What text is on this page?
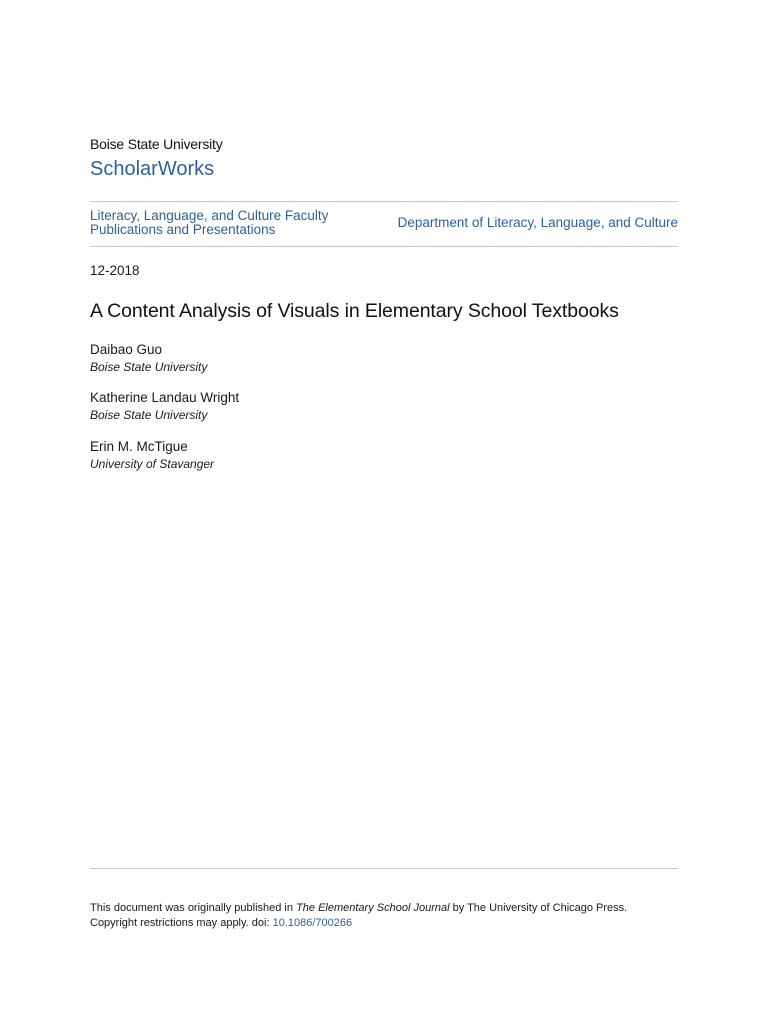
Boise State University
ScholarWorks
Literacy, Language, and Culture Faculty Publications and Presentations	Department of Literacy, Language, and Culture
12-2018
A Content Analysis of Visuals in Elementary School Textbooks
Daibao Guo
Boise State University
Katherine Landau Wright
Boise State University
Erin M. McTigue
University of Stavanger
This document was originally published in The Elementary School Journal by The University of Chicago Press.
Copyright restrictions may apply. doi: 10.1086/700266
